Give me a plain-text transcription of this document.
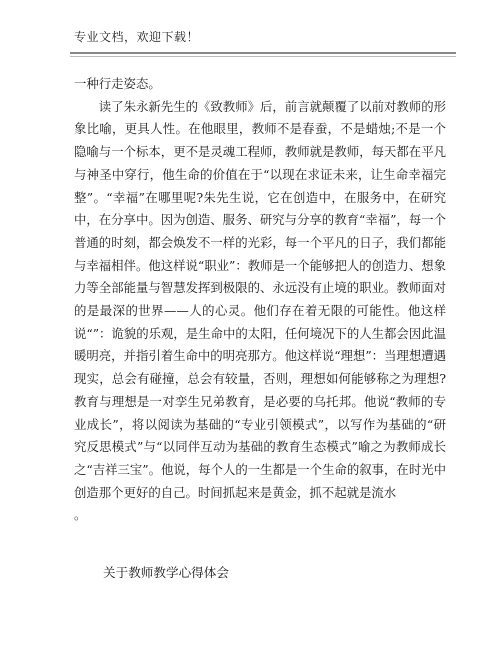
专业文档，欢迎下载！

一种行走姿态。

读了朱永新先生的《致教师》后，前言就颠覆了以前对教师的形象比喻，更具人性。在他眼里，教师不是春蚕，不是蜡烛;不是一个隐喻与一个标本，更不是灵魂工程师，教师就是教师，每天都在平凡与神圣中穿行，他生命的价值在于“以现在求证未来，让生命幸福完整”。“幸福”在哪里呢?朱先生说，它在创造中，在服务中，在研究中，在分享中。因为创造、服务、研究与分享的教育“幸福”，每一个普通的时刻，都会焕发不一样的光彩，每一个平凡的日子，我们都能与幸福相伴。他这样说“职业”：教师是一个能够把人的创造力、想象力等全部能量与智慧发挥到极限的、永远没有止境的职业。教师面对的是最深的世界——人的心灵。他们存在着无限的可能性。他这样说“”：诡貌的乐观，是生命中的太阳，任何境况下的人生都会因此温暖明亮，并指引着生命中的明亮那方。他这样说“理想”：当理想遭遇现实，总会有碰撞，总会有较量，否则，理想如何能够称之为理想?教育与理想是一对孪生兄弟教育，是必要的乌托邦。他说“教师的专业成长”，将以阅读为基础的“专业引领模式”，以写作为基础的“研究反思模式”与“以同伴互动为基础的教育生态模式”喻之为教师成长之“吉祥三宝”。他说，每个人的一生都是一个生命的叙事，在时光中创造那个更好的自己。时间抓起来是黄金，抓不起就是流水

。

关于教师教学心得体会
